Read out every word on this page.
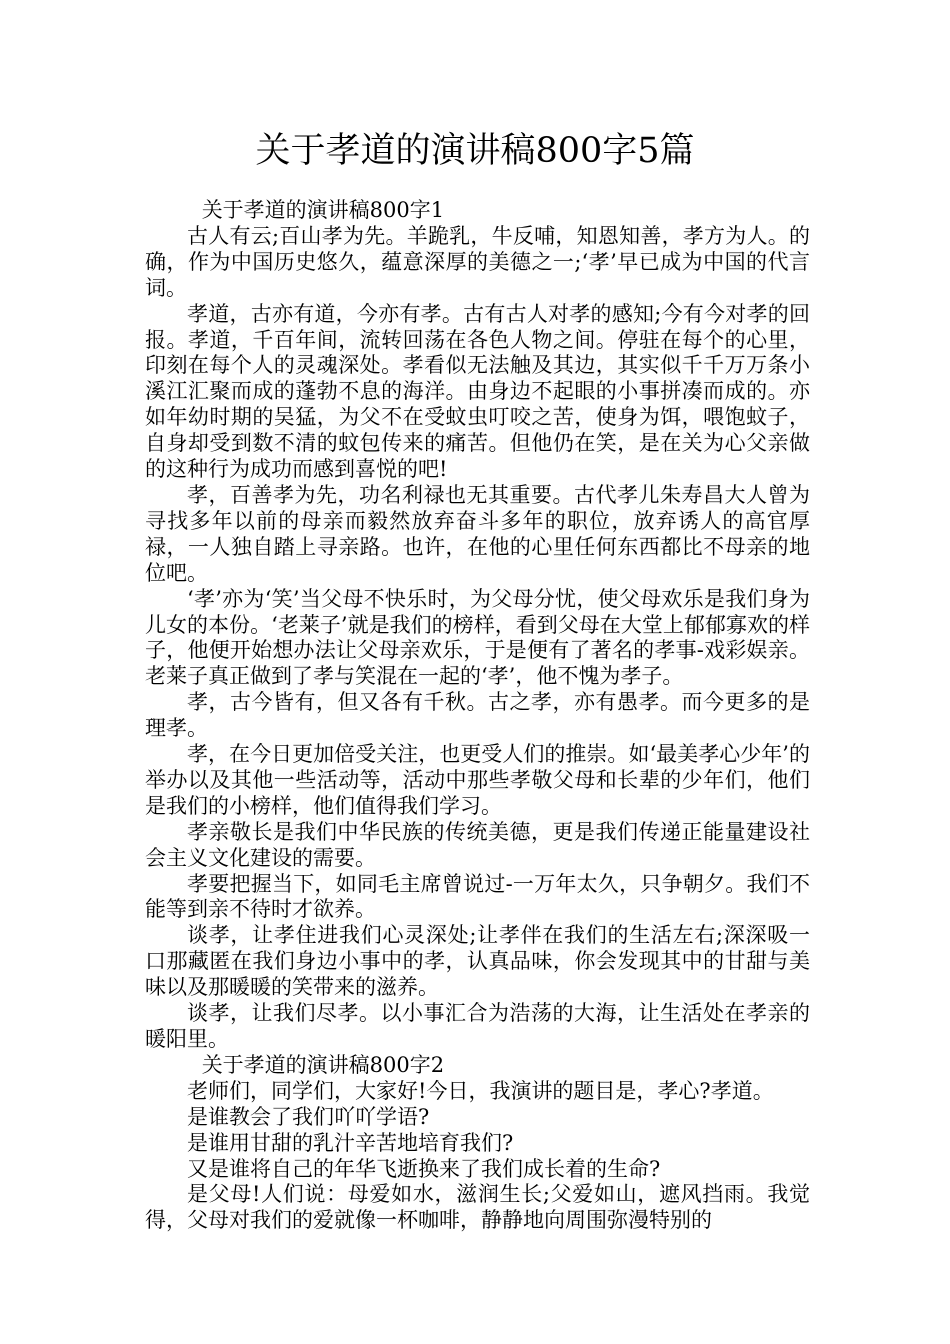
关于孝道的演讲稿800字5篇

关于孝道的演讲稿800字1

古人有云;百山孝为先。羊跪乳，牛反哺，知恩知善，孝方为人。的确，作为中国历史悠久，蕴意深厚的美德之一;‘孝’早已成为中国的代言词。

孝道，古亦有道，今亦有孝。古有古人对孝的感知;今有今对孝的回报。孝道，千百年间，流转回荡在各色人物之间。停驻在每个的心里，印刻在每个人的灵魂深处。孝看似无法触及其边，其实似千千万万条小溪江汇聚而成的蓬勃不息的海洋。由身边不起眼的小事拼凑而成的。亦如年幼时期的吴猛，为父不在受蚊虫叮咬之苦，使身为饵，喂饱蚊子，自身却受到数不清的蚊包传来的痛苦。但他仍在笑，是在关为心父亲做的这种行为成功而感到喜悦的吧!

孝，百善孝为先，功名利禄也无其重要。古代孝儿朱寿昌大人曾为寻找多年以前的母亲而毅然放弃奋斗多年的职位，放弃诱人的高官厚禄，一人独自踏上寻亲路。也许，在他的心里任何东西都比不母亲的地位吧。

‘孝’亦为‘笑’当父母不快乐时，为父母分忧，使父母欢乐是我们身为儿女的本份。‘老莱子’就是我们的榜样，看到父母在大堂上郁郁寡欢的样子，他便开始想办法让父母亲欢乐，于是便有了著名的孝事-戏彩娱亲。老莱子真正做到了孝与笑混在一起的‘孝’，他不愧为孝子。

孝，古今皆有，但又各有千秋。古之孝，亦有愚孝。而今更多的是理孝。

孝，在今日更加倍受关注，也更受人们的推崇。如‘最美孝心少年’的举办以及其他一些活动等，活动中那些孝敬父母和长辈的少年们，他们是我们的小榜样，他们值得我们学习。

孝亲敬长是我们中华民族的传统美德，更是我们传递正能量建设社会主义文化建设的需要。

孝要把握当下，如同毛主席曾说过-一万年太久，只争朝夕。我们不能等到亲不待时才欲养。

谈孝，让孝住进我们心灵深处;让孝伴在我们的生活左右;深深吸一口那藏匿在我们身边小事中的孝，认真品味，你会发现其中的甘甜与美味以及那暖暖的笑带来的滋养。

谈孝，让我们尽孝。以小事汇合为浩荡的大海，让生活处在孝亲的暖阳里。

关于孝道的演讲稿800字2

老师们，同学们，大家好!今日，我演讲的题目是，孝心?孝道。

是谁教会了我们吖吖学语?

是谁用甘甜的乳汁辛苦地培育我们?

又是谁将自己的年华飞逝换来了我们成长着的生命?

是父母!人们说：母爱如水，滋润生长;父爱如山，遮风挡雨。我觉得，父母对我们的爱就像一杯咖啡，静静地向周围弥漫特别的
